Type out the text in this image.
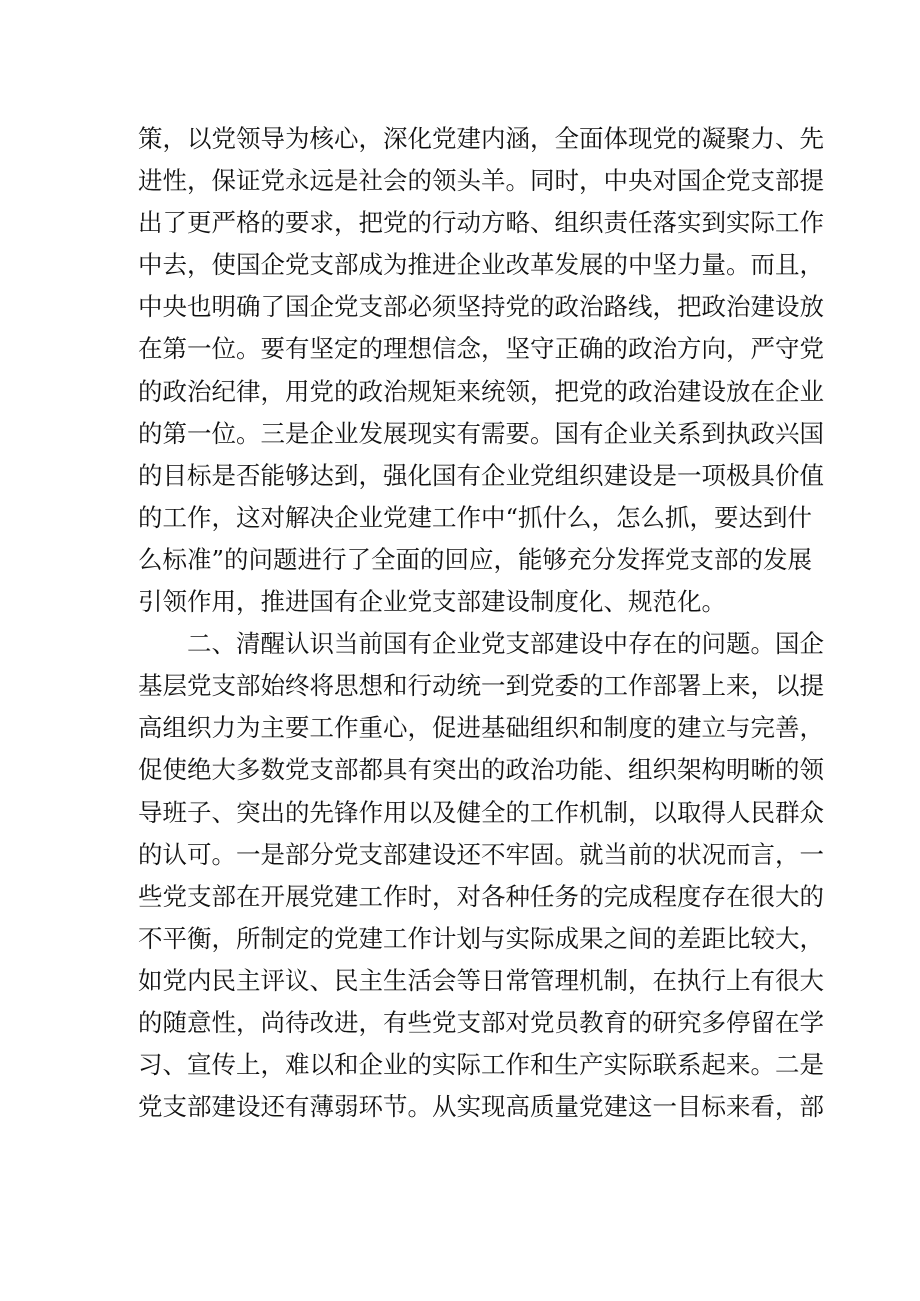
策，以党领导为核心，深化党建内涵，全面体现党的凝聚力、先
进性，保证党永远是社会的领头羊。同时，中央对国企党支部提
出了更严格的要求，把党的行动方略、组织责任落实到实际工作
中去，使国企党支部成为推进企业改革发展的中坚力量。而且，
中央也明确了国企党支部必须坚持党的政治路线，把政治建设放
在第一位。要有坚定的理想信念，坚守正确的政治方向，严守党
的政治纪律，用党的政治规矩来统领，把党的政治建设放在企业
的第一位。三是企业发展现实有需要。国有企业关系到执政兴国
的目标是否能够达到，强化国有企业党组织建设是一项极具价值
的工作，这对解决企业党建工作中“抓什么，怎么抓，要达到什
么标准”的问题进行了全面的回应，能够充分发挥党支部的发展
引领作用，推进国有企业党支部建设制度化、规范化。
二、清醒认识当前国有企业党支部建设中存在的问题。国企
基层党支部始终将思想和行动统一到党委的工作部署上来，以提
高组织力为主要工作重心，促进基础组织和制度的建立与完善，
促使绝大多数党支部都具有突出的政治功能、组织架构明晰的领
导班子、突出的先锋作用以及健全的工作机制，以取得人民群众
的认可。一是部分党支部建设还不牢固。就当前的状况而言，一
些党支部在开展党建工作时，对各种任务的完成程度存在很大的
不平衡，所制定的党建工作计划与实际成果之间的差距比较大，
如党内民主评议、民主生活会等日常管理机制，在执行上有很大
的随意性，尚待改进，有些党支部对党员教育的研究多停留在学
习、宣传上，难以和企业的实际工作和生产实际联系起来。二是
党支部建设还有薄弱环节。从实现高质量党建这一目标来看，部
